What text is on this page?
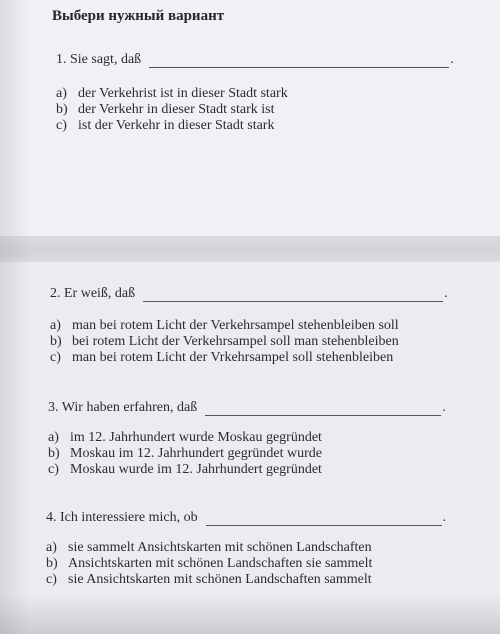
Выбери нужный вариант
1. Sie sagt, daß	.
a) der Verkehrist ist in dieser Stadt stark
b) der Verkehr in dieser Stadt stark ist
c) ist der Verkehr in dieser Stadt stark
2. Er weiß, daß	.
a) man bei rotem Licht der Verkehrsampel stehenbleiben soll
b) bei rotem Licht der Verkehrsampel soll man stehenbleiben
c) man bei rotem Licht der Vrkehrsampel soll stehenbleiben
3. Wir haben erfahren, daß	.
a) im 12. Jahrhundert wurde Moskau gegründet
b) Moskau im 12. Jahrhundert gegründet wurde
c) Moskau wurde im 12. Jahrhundert gegründet
4. Ich interessiere mich, ob	.
a) sie sammelt Ansichtskarten mit schönen Landschaften
b) Ansichtskarten mit schönen Landschaften sie sammelt
c) sie Ansichtskarten mit schönen Landschaften sammelt
